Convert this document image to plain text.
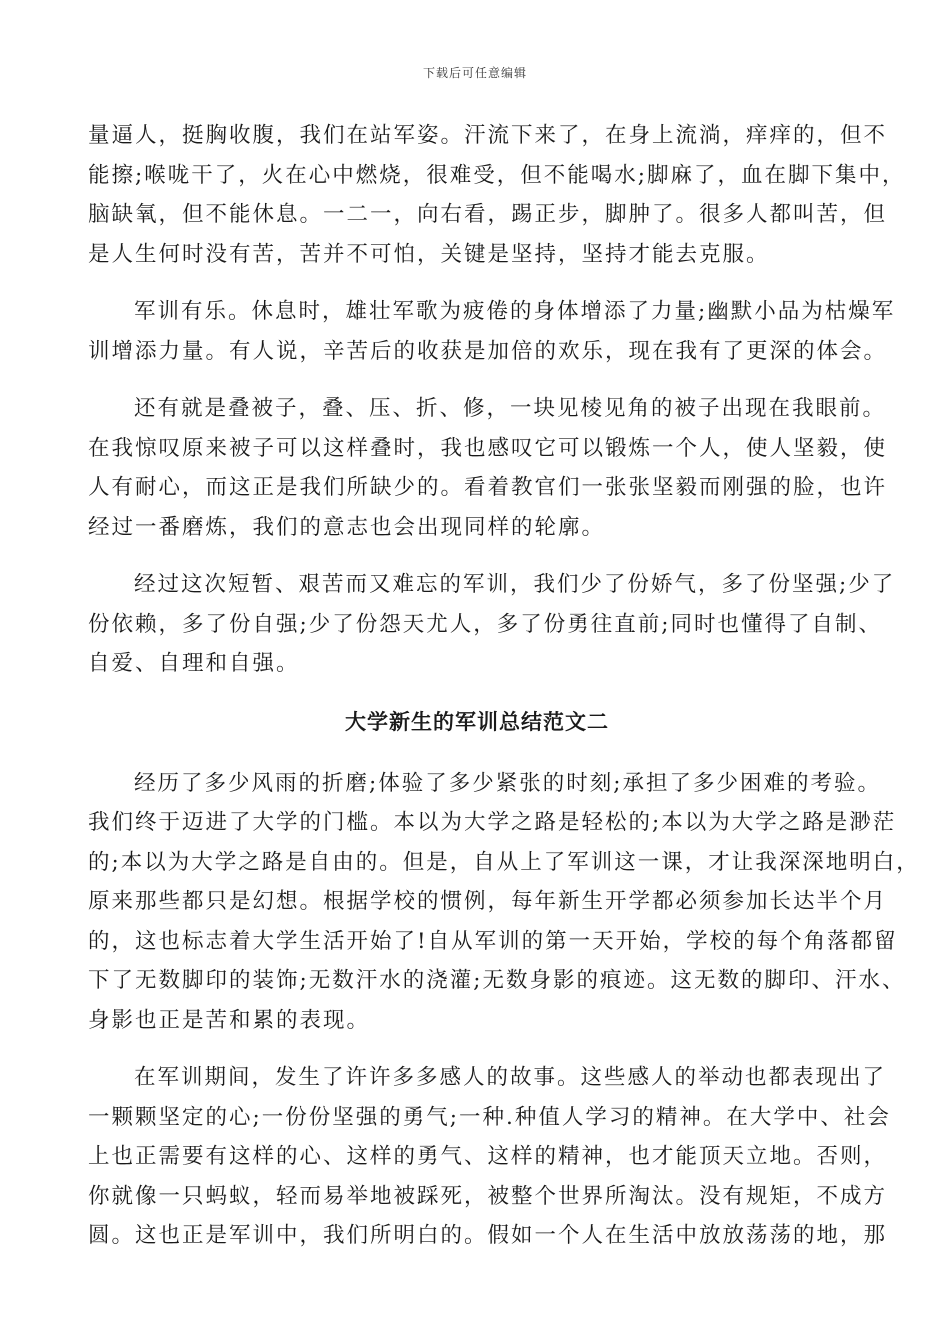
下载后可任意编辑

量逼人，挺胸收腹，我们在站军姿。汗流下来了，在身上流淌，痒痒的，但不
能擦;喉咙干了，火在心中燃烧，很难受，但不能喝水;脚麻了，血在脚下集中，
脑缺氧，但不能休息。一二一，向右看，踢正步，脚肿了。很多人都叫苦，但
是人生何时没有苦，苦并不可怕，关键是坚持，坚持才能去克服。

军训有乐。休息时，雄壮军歌为疲倦的身体增添了力量;幽默小品为枯燥军
训增添力量。有人说，辛苦后的收获是加倍的欢乐，现在我有了更深的体会。

还有就是叠被子，叠、压、折、修，一块见棱见角的被子出现在我眼前。
在我惊叹原来被子可以这样叠时，我也感叹它可以锻炼一个人，使人坚毅，使
人有耐心，而这正是我们所缺少的。看着教官们一张张坚毅而刚强的脸，也许
经过一番磨炼，我们的意志也会出现同样的轮廓。

经过这次短暂、艰苦而又难忘的军训，我们少了份娇气，多了份坚强;少了
份依赖，多了份自强;少了份怨天尤人，多了份勇往直前;同时也懂得了自制、
自爱、自理和自强。

大学新生的军训总结范文二

经历了多少风雨的折磨;体验了多少紧张的时刻;承担了多少困难的考验。
我们终于迈进了大学的门槛。本以为大学之路是轻松的;本以为大学之路是渺茫
的;本以为大学之路是自由的。但是，自从上了军训这一课，才让我深深地明白，
原来那些都只是幻想。根据学校的惯例，每年新生开学都必须参加长达半个月
的，这也标志着大学生活开始了!自从军训的第一天开始，学校的每个角落都留
下了无数脚印的装饰;无数汗水的浇灌;无数身影的痕迹。这无数的脚印、汗水、
身影也正是苦和累的表现。

在军训期间，发生了许许多多感人的故事。这些感人的举动也都表现出了
一颗颗坚定的心;一份份坚强的勇气;一种.种值人学习的精神。在大学中、社会
上也正需要有这样的心、这样的勇气、这样的精神，也才能顶天立地。否则，
你就像一只蚂蚁，轻而易举地被踩死，被整个世界所淘汰。没有规矩，不成方
圆。这也正是军训中，我们所明白的。假如一个人在生活中放放荡荡的地，那
